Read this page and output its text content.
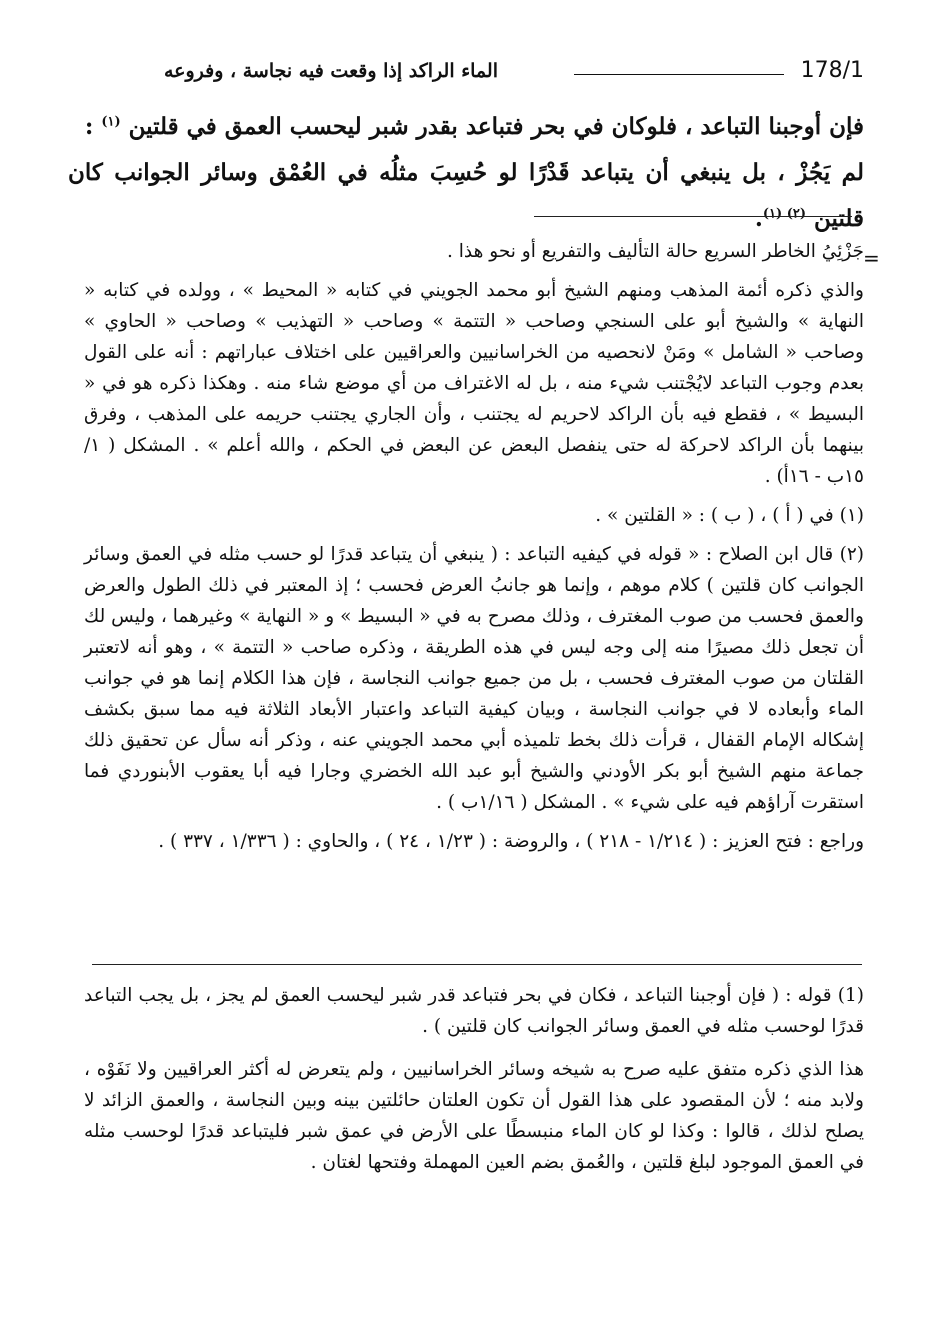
178/1
الماء الراكد إذا وقعت فيه نجاسة ، وفروعه

فإن أوجبنا التباعد ، فلوكان في بحر فتباعد بقدر شبر ليحسب العمق في قلتين $^{(١)}$ :
لم يَجُزْ ، بل ينبغي أن يتباعد قَدْرًا لو حُسِبَ مثلُه في العُمْق وسائر الجوانب كان قلتين $^{(٢) (١)}$.

=

جَزْئِيُ الخاطر السريع حالة التأليف والتفريع أو نحو هذا .

والذي ذكره أئمة المذهب ومنهم الشيخ أبو محمد الجويني في كتابه « المحيط » ، وولده في كتابه « النهاية » والشيخ أبو على السنجي وصاحب « التتمة » وصاحب « التهذيب » وصاحب « الحاوي » وصاحب « الشامل » ومَنْ لانحصيه من الخراسانيين والعراقيين على اختلاف عباراتهم : أنه على القول بعدم وجوب التباعد لايُجْتنب شيء منه ، بل له الاغتراف من أي موضع شاء منه . وهكذا ذكره هو في « البسيط » ، فقطع فيه بأن الراكد لاحريم له يجتنب ، وأن الجاري يجتنب حريمه على المذهب ، وفرق بينهما بأن الراكد لاحركة له حتى ينفصل البعض عن البعض في الحكم ، والله أعلم » . المشكل ( ١/ ١٥ب - ١٦أ) .

(١) في ( أ ) ، ( ب ) : « القلتين » .

(٢) قال ابن الصلاح : « قوله في كيفيه التباعد : ( ينبغي أن يتباعد قدرًا لو حسب مثله في العمق وسائر الجوانب كان قلتين ) كلام موهم ، وإنما هو جانبُ العرض فحسب ؛ إذ المعتبر في ذلك الطول والعرض والعمق فحسب من صوب المغترف ، وذلك مصرح به في « البسيط » و « النهاية » وغيرهما ، وليس لك أن تجعل ذلك مصيرًا منه إلى وجه ليس في هذه الطريقة ، وذكره صاحب « التتمة » ، وهو أنه لاتعتبر القلتان من صوب المغترف فحسب ، بل من جميع جوانب النجاسة ، فإن هذا الكلام إنما هو في جوانب الماء وأبعاده لا في جوانب النجاسة ، وبيان كيفية التباعد واعتبار الأبعاد الثلاثة فيه مما سبق بكشف إشكاله الإمام القفال ، قرأت ذلك بخط تلميذه أبي محمد الجويني عنه ، وذكر أنه سأل عن تحقيق ذلك جماعة منهم الشيخ أبو بكر الأودني والشيخ أبو عبد الله الخضري وجارا فيه أبا يعقوب الأبنوردي فما استقرت آراؤهم فيه على شيء » . المشكل ( ١/١٦ب ) .

وراجع : فتح العزيز : ( ١/٢١٤ - ٢١٨ ) ، والروضة : ( ١/٢٣ ، ٢٤ ) ، والحاوي : ( ١/٣٣٦ ، ٣٣٧ ) .

(1) قوله : ( فإن أوجبنا التباعد ، فكان في بحر فتباعد قدر شبر ليحسب العمق لم يجز ، بل يجب التباعد قدرًا لوحسب مثله في العمق وسائر الجوانب كان قلتين ) .

هذا الذي ذكره متفق عليه صرح به شيخه وسائر الخراسانيين ، ولم يتعرض له أكثر العراقيين ولا نَفَوْه ، ولابد منه ؛ لأن المقصود على هذا القول أن تكون العلتان حائلتين بينه وبين النجاسة ، والعمق الزائد لا يصلح لذلك ، قالوا : وكذا لو كان الماء منبسطًا على الأرض في عمق شبر فليتباعد قدرًا لوحسب مثله في العمق الموجود لبلغ قلتين ، والعُمق بضم العين المهملة وفتحها لغتان .
